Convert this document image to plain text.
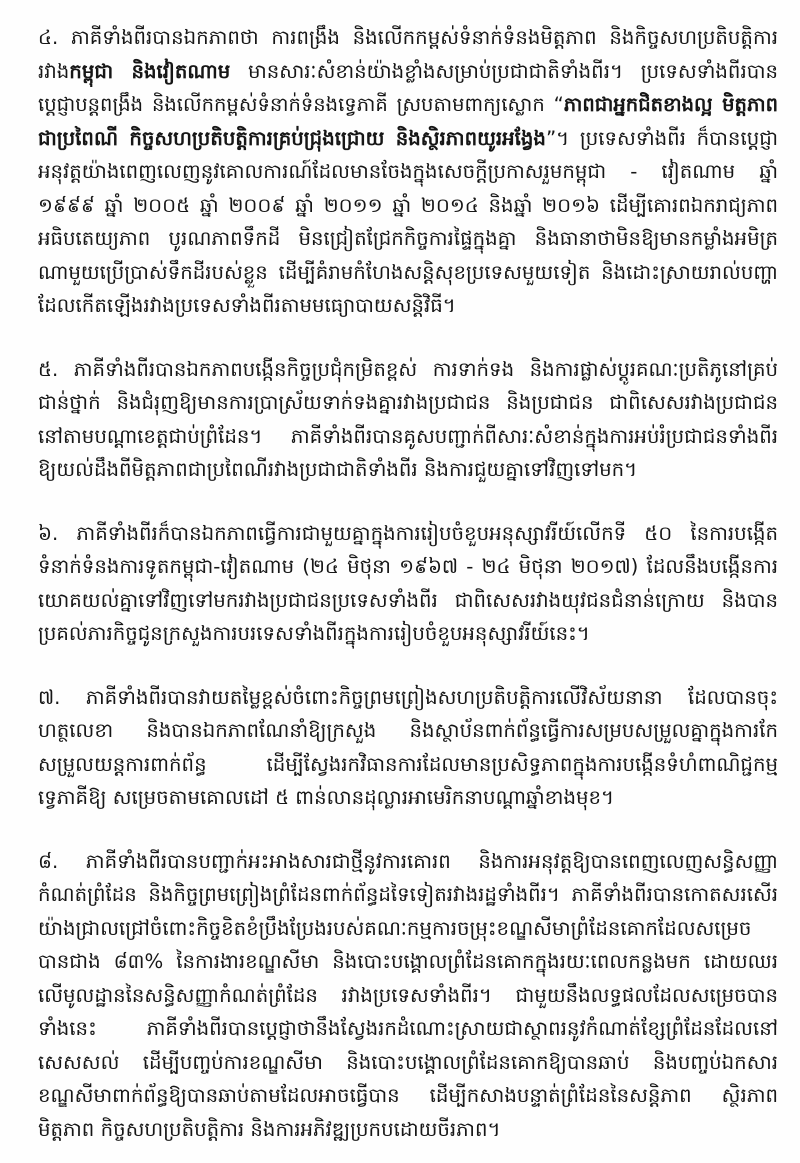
៤. ភាគីទាំងពីរបានឯកភាពថា ការពង្រឹង និងលើកកម្ពស់ទំនាក់ទំនងមិត្តភាព និងកិច្ចសហប្រតិបត្តិការ
រវាងកម្ពុជា និងវៀតណាម មានសារៈសំខាន់យ៉ាងខ្លាំងសម្រាប់ប្រជាជាតិទាំងពីរ។ ប្រទេសទាំងពីរបាន
ប្ដេជ្ញាបន្តពង្រឹង និងលើកកម្ពស់ទំនាក់ទំនងទ្វេភាគី ស្របតាមពាក្យស្លោក “ភាពជាអ្នកជិតខាងល្អ មិត្តភាព
ជាប្រពៃណី កិច្ចសហប្រតិបត្តិការគ្រប់ជ្រុងជ្រោយ និងស្ថិរភាពយូរអង្វែង”។ ប្រទេសទាំងពីរ ក៏បានប្ដេជ្ញា
អនុវត្តយ៉ាងពេញលេញនូវគោលការណ៍ដែលមានចែងក្នុងសេចក្ដីប្រកាសរួមកម្ពុជា - វៀតណាម ឆ្នាំ
១៩៩៩ ឆ្នាំ ២០០៥ ឆ្នាំ ២០០៩ ឆ្នាំ ២០១១ ឆ្នាំ ២០១៤ និងឆ្នាំ ២០១៦ ដើម្បីគោរពឯករាជ្យភាព
អធិបតេយ្យភាព បូរណភាពទឹកដី មិនជ្រៀតជ្រែកកិច្ចការផ្ទៃក្នុងគ្នា និងធានាថាមិនឱ្យមានកម្លាំងអមិត្រ
ណាមួយប្រើប្រាស់ទឹកដីរបស់ខ្លួន ដើម្បីគំរាមកំហែងសន្តិសុខប្រទេសមួយទៀត និងដោះស្រាយរាល់បញ្ហា
ដែលកើតឡើងរវាងប្រទេសទាំងពីរតាមមធ្យោបាយសន្តិវិធី។
៥. ភាគីទាំងពីរបានឯកភាពបង្កើនកិច្ចប្រជុំកម្រិតខ្ពស់ ការទាក់ទង និងការផ្លាស់ប្ដូរគណៈប្រតិភូនៅគ្រប់
ជាន់ថ្នាក់ និងជំរុញឱ្យមានការប្រាស្រ័យទាក់ទងគ្នារវាងប្រជាជន និងប្រជាជន ជាពិសេសរវាងប្រជាជន
នៅតាមបណ្ដាខេត្តជាប់ព្រំដែន។ ភាគីទាំងពីរបានគូសបញ្ជាក់ពីសារៈសំខាន់ក្នុងការអប់រំប្រជាជនទាំងពីរ
ឱ្យយល់ដឹងពីមិត្តភាពជាប្រពៃណីរវាងប្រជាជាតិទាំងពីរ និងការជួយគ្នាទៅវិញទៅមក។
៦. ភាគីទាំងពីរក៏បានឯកភាពធ្វើការជាមួយគ្នាក្នុងការរៀបចំខួបអនុស្សាវរីយ៍លើកទី ៥០ នៃការបង្កើត
ទំនាក់ទំនងការទូតកម្ពុជា-វៀតណាម (២៤ មិថុនា ១៩៦៧ - ២៤ មិថុនា ២០១៧) ដែលនឹងបង្កើនការ
យោគយល់គ្នាទៅវិញទៅមករវាងប្រជាជនប្រទេសទាំងពីរ ជាពិសេសរវាងយុវជនជំនាន់ក្រោយ និងបាន
ប្រគល់ភារកិច្ចជូនក្រសួងការបរទេសទាំងពីរក្នុងការរៀបចំខួបអនុស្សាវរីយ៍នេះ។
៧. ភាគីទាំងពីរបានវាយតម្លៃខ្ពស់ចំពោះកិច្ចព្រមព្រៀងសហប្រតិបត្តិការលើវិស័យនានា ដែលបានចុះ
ហត្ថលេខា និងបានឯកភាពណែនាំឱ្យក្រសួង និងស្ថាប័នពាក់ព័ន្ធធ្វើការសម្របសម្រួលគ្នាក្នុងការកែ
សម្រួលយន្តការពាក់ព័ន្ធ ដើម្បីស្វែងរកវិធានការដែលមានប្រសិទ្ធភាពក្នុងការបង្កើនទំហំពាណិជ្ជកម្ម
ទ្វេភាគីឱ្យ សម្រេចតាមគោលដៅ ៥ ពាន់លានដុល្លារអាមេរិកនាបណ្ដាឆ្នាំខាងមុខ។
៨. ភាគីទាំងពីរបានបញ្ជាក់អះអាងសារជាថ្មីនូវការគោរព និងការអនុវត្តឱ្យបានពេញលេញសន្ធិសញ្ញា
កំណត់ព្រំដែន និងកិច្ចព្រមព្រៀងព្រំដែនពាក់ព័ន្ធដទៃទៀតរវាងរដ្ឋទាំងពីរ។ ភាគីទាំងពីរបានកោតសរសើរ
យ៉ាងជ្រាលជ្រៅចំពោះកិច្ចខិតខំប្រឹងប្រែងរបស់គណៈកម្មការចម្រុះខណ្ឌសីមាព្រំដែនគោកដែលសម្រេច
បានជាង ៨៣% នៃការងារខណ្ឌសីមា និងបោះបង្គោលព្រំដែនគោកក្នុងរយៈពេលកន្លងមក ដោយឈរ
លើមូលដ្ឋាននៃសន្ធិសញ្ញាកំណត់ព្រំដែន រវាងប្រទេសទាំងពីរ។ ជាមួយនឹងលទ្ធផលដែលសម្រេចបាន
ទាំងនេះ ភាគីទាំងពីរបានប្ដេជ្ញាថានឹងស្វែងរកដំណោះស្រាយជាស្ថាពរនូវកំណាត់ខ្សែព្រំដែនដែលនៅ
សេសសល់ ដើម្បីបញ្ចប់ការខណ្ឌសីមា និងបោះបង្គោលព្រំដែនគោកឱ្យបានឆាប់ និងបញ្ចប់ឯកសារ
ខណ្ឌសីមាពាក់ព័ន្ធឱ្យបានឆាប់តាមដែលអាចធ្វើបាន ដើម្បីកសាងបន្ទាត់ព្រំដែននៃសន្តិភាព ស្ថិរភាព
មិត្តភាព កិច្ចសហប្រតិបត្តិការ និងការអភិវឌ្ឍប្រកបដោយចីរភាព។
